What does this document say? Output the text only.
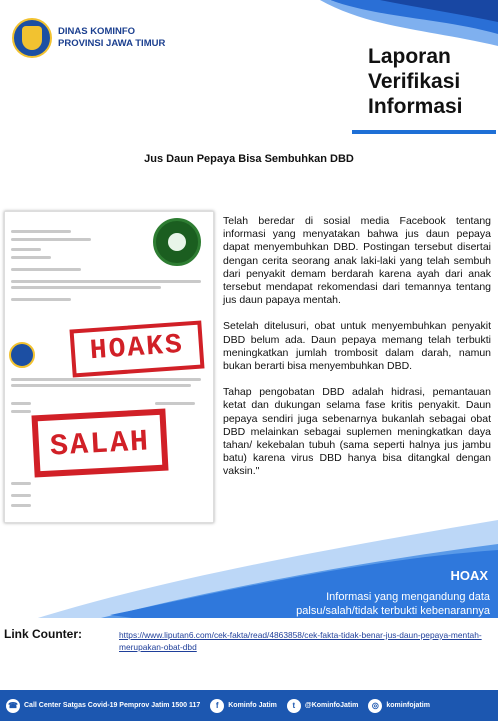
DINAS KOMINFO
PROVINSI JAWA TIMUR
Laporan
Verifikasi
Informasi
Jus Daun Pepaya Bisa Sembuhkan DBD
HOAKS
SALAH

Telah beredar di sosial media Facebook tentang informasi yang menyatakan bahwa jus daun pepaya dapat menyembuhkan DBD. Postingan tersebut disertai dengan cerita seorang anak laki-laki yang telah sembuh dari penyakit demam berdarah karena ayah dari anak tersebut mendapat rekomendasi dari temannya tentang jus daun papaya mentah.

Setelah ditelusuri, obat untuk menyembuhkan penyakit DBD belum ada. Daun pepaya memang telah terbukti meningkatkan jumlah trombosit dalam darah, namun bukan berarti bisa menyembuhkan DBD.

Tahap pengobatan DBD adalah hidrasi, pemantauan ketat dan dukungan selama fase kritis penyakit. Daun pepaya sendiri juga sebenarnya bukanlah sebagai obat DBD melainkan sebagai suplemen meningkatkan daya tahan/ kekebalan tubuh (sama seperti halnya jus jambu batu) karena virus DBD hanya bisa ditangkal dengan vaksin."

HOAX
Informasi yang mengandung data palsu/salah/tidak terbukti kebenarannya
Link Counter:	https://www.liputan6.com/cek-fakta/read/4863858/cek-fakta-tidak-benar-jus-daun-pepaya-mentah-merupakan-obat-dbd
☎ Call Center Satgas Covid-19 Pemprov Jatim 1500 117	f	Kominfo Jatim	t	@KominfoJatim	◎	kominfojatim
